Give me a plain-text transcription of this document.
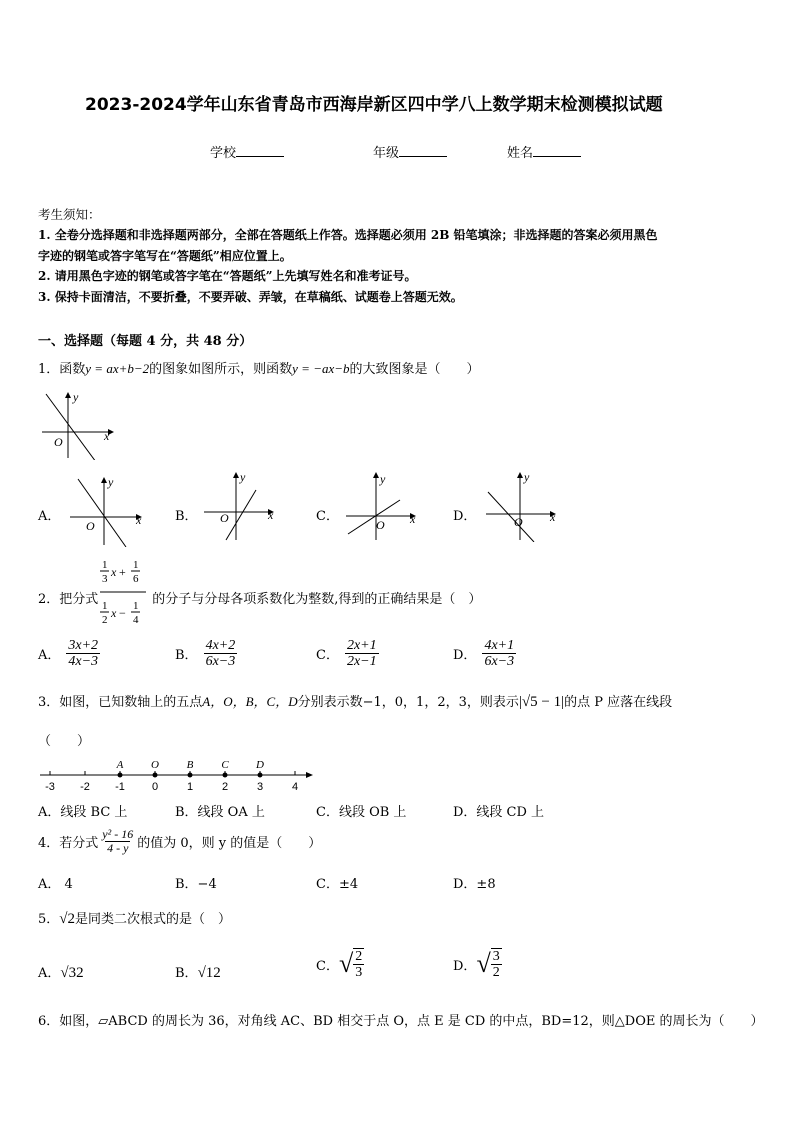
2023-2024学年山东省青岛市西海岸新区四中学八上数学期末检测模拟试题
学校	年级	姓名
考生须知：
1. 全卷分选择题和非选择题两部分，全部在答题纸上作答。选择题必须用 2B 铅笔填涂；非选择题的答案必须用黑色
字迹的钢笔或答字笔写在“答题纸”相应位置上。
2. 请用黑色字迹的钢笔或答字笔在“答题纸”上先填写姓名和准考证号。
3. 保持卡面清洁，不要折叠，不要弄破、弄皱，在草稿纸、试题卷上答题无效。
一、选择题（每题 4 分，共 48 分）
1．函数y = ax+b−2的图象如图所示，则函数y = −ax−b的大致图象是（　　）
x
y
O
A．	x
y
O
B．	x
y
O	C．	x
y
O
D．	x
y
O
2．把分式
1
3 x + 1
6
1
2 x − 1
4
的分子与分母各项系数化为整数,得到的正确结果是（　）
A． $\frac{3x+2}{4x-3}$	B． $\frac{4x+2}{6x-3}$	C． $\frac{2x+1}{2x-1}$	D． $\frac{4x+1}{6x-3}$
3．如图，已知数轴上的五点A，O，B，C，D分别表示数−1，0，1，2，3，则表示|√5 − 1|的点 P 应落在线段
（　　）
-3 -2 -1 0	1	2	3	4
A	O	B	C D
A．线段 BC 上	B．线段 OA 上	C．线段 OB 上	D．线段 CD 上
4．若分式 $\frac{\text{y² - 16}}{4 - y}$ 的值为 0，则 y 的值是（　　）
A． 4	B．−4	C．±4	D．±8
5．√2是同类二次根式的是（　）
A．√32	B．√12	C． √ $\frac{2}{3}$	D． √ $\frac{3}{2}$
6．如图，▱ABCD 的周长为 36，对角线 AC、BD 相交于点 O，点 E 是 CD 的中点，BD=12，则△DOE 的周长为（　　）
